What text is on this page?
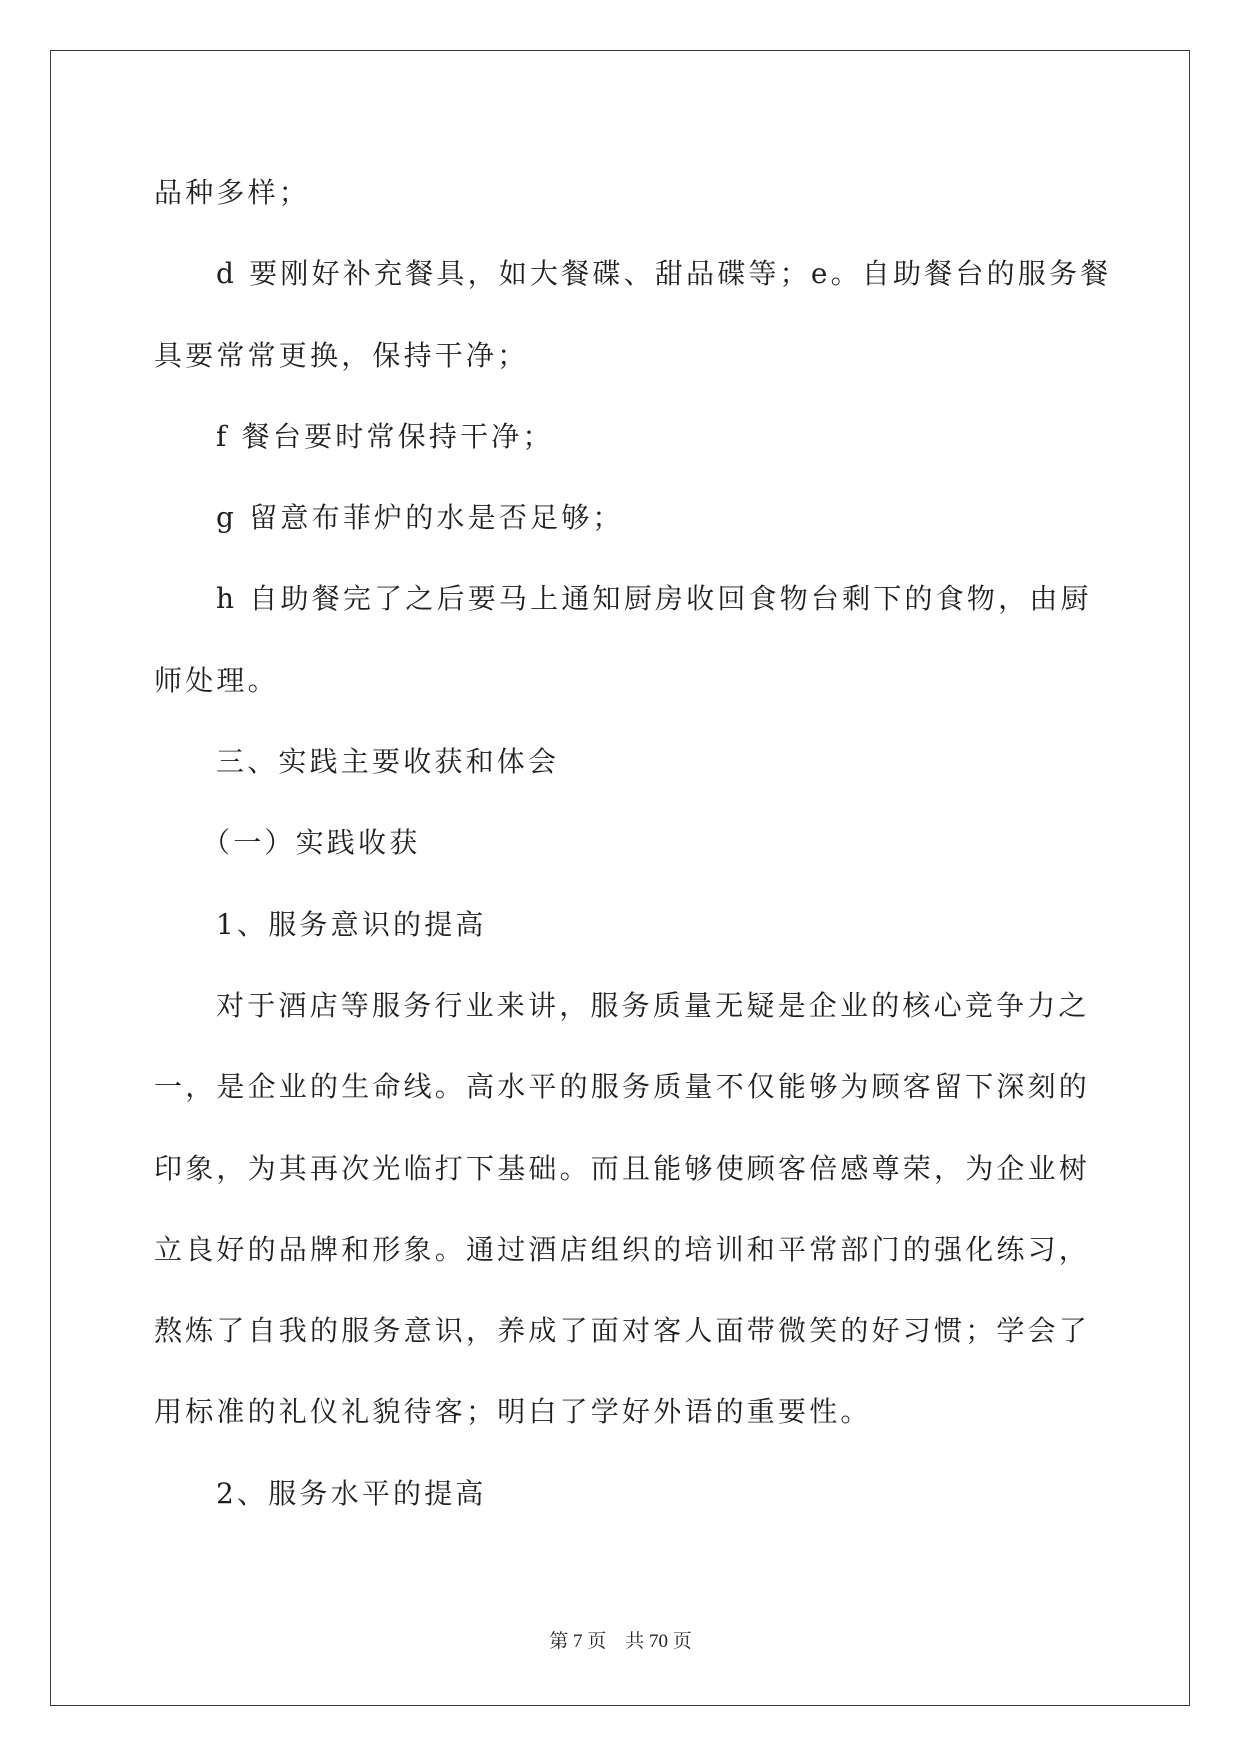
品种多样；
d 要刚好补充餐具，如大餐碟、甜品碟等；e。自助餐台的服务餐
具要常常更换，保持干净；
f 餐台要时常保持干净；
g 留意布菲炉的水是否足够；
h 自助餐完了之后要马上通知厨房收回食物台剩下的食物，由厨
师处理。
三、实践主要收获和体会
（一）实践收获
1、服务意识的提高
对于酒店等服务行业来讲，服务质量无疑是企业的核心竞争力之
一，是企业的生命线。高水平的服务质量不仅能够为顾客留下深刻的
印象，为其再次光临打下基础。而且能够使顾客倍感尊荣，为企业树
立良好的品牌和形象。通过酒店组织的培训和平常部门的强化练习，
熬炼了自我的服务意识，养成了面对客人面带微笑的好习惯；学会了
用标准的礼仪礼貌待客；明白了学好外语的重要性。
2、服务水平的提高
第 7 页　共 70 页
